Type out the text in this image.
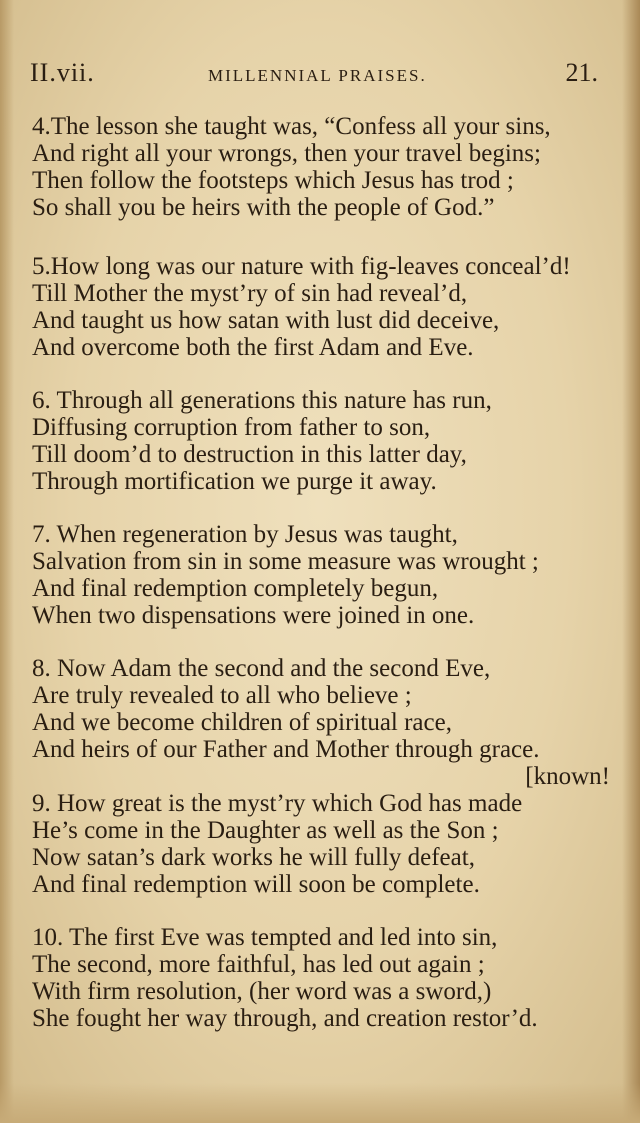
II.vii.	MILLENNIAL PRAISES.	21.
4.The lesson she taught was, “Confess all your sins,
And right all your wrongs, then your travel begins;
Then follow the footsteps which Jesus has trod ;
So shall you be heirs with the people of God.”
5.How long was our nature with fig-leaves conceal’d!
Till Mother the myst’ry of sin had reveal’d,
And taught us how satan with lust did deceive,
And overcome both the first Adam and Eve.
6. Through all generations this nature has run,
Diffusing corruption from father to son,
Till doom’d to destruction in this latter day,
Through mortification we purge it away.
7. When regeneration by Jesus was taught,
Salvation from sin in some measure was wrought ;
And final redemption completely begun,
When two dispensations were joined in one.
8. Now Adam the second and the second Eve,
Are truly revealed to all who believe ;
And we become children of spiritual race,
And heirs of our Father and Mother through grace.
[known!
9. How great is the myst’ry which God has made
He’s come in the Daughter as well as the Son ;
Now satan’s dark works he will fully defeat,
And final redemption will soon be complete.
10. The first Eve was tempted and led into sin,
The second, more faithful, has led out again ;
With firm resolution, (her word was a sword,)
She fought her way through, and creation restor’d.
